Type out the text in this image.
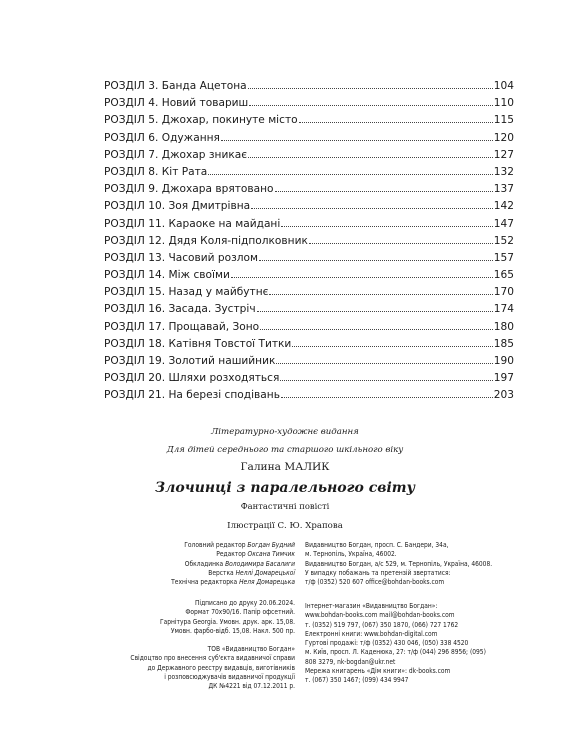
РОЗДІЛ 3. Банда Ацетона	104
РОЗДІЛ 4. Новий товариш	110
РОЗДІЛ 5. Джохар, покинуте місто	115
РОЗДІЛ 6. Одужання	120
РОЗДІЛ 7. Джохар зникає	127
РОЗДІЛ 8. Кіт Рата	132
РОЗДІЛ 9. Джохара врятовано	137
РОЗДІЛ 10. Зоя Дмитрівна	142
РОЗДІЛ 11. Караоке на майдані	147
РОЗДІЛ 12. Дядя Коля-підполковник	152
РОЗДІЛ 13. Часовий розлом	157
РОЗДІЛ 14. Між своїми	165
РОЗДІЛ 15. Назад у майбутнє	170
РОЗДІЛ 16. Засада. Зустріч	174
РОЗДІЛ 17. Прощавай, Зоно	180
РОЗДІЛ 18. Катівня Товстої Титки	185
РОЗДІЛ 19. Золотий нашийник	190
РОЗДІЛ 20. Шляхи розходяться	197
РОЗДІЛ 21. На березі сподівань	203
Літературно-художнє видання
Для дітей середнього та старшого шкільного віку
Галина МАЛИК
Злочинці з паралельного світу
Фантастичні повісті
Ілюстрації С. Ю. Храпова
Головний редактор Богдан Будний
Редактор Оксана Тимчик
Обкладинка Володимира Басалиги
Верстка Неллі Домарецької
Технічна редакторка Неля Домарецька
Підписано до друку 20.06.2024.
Формат 70х90/16. Папір офсетний.
Гарнітура Georgia. Умовн. друк. арк. 15,08.
Умовн. фарбо-відб. 15,08. Накл. 500 пр.
ТОВ «Видавництво Богдан»
Свідоцтво про внесення суб'єкта видавничої справи
до Державного реєстру видавців, виготівників
і розповсюджувачів видавничої продукції
ДК №4221 від 07.12.2011 р.
Видавництво Богдан, просп. С. Бандери, 34а,
м. Тернопіль, Україна, 46002.
Видавництво Богдан, а/с 529, м. Тернопіль, Україна, 46008.
У випадку побажань та претензій звертатися:
т/ф (0352) 520 607 office@bohdan-books.com
Інтернет-магазин «Видавництво Богдан»:
www.bohdan-books.com mail@bohdan-books.com
т. (0352) 519 797, (067) 350 1870, (066) 727 1762
Електронні книги: www.bohdan-digital.com
Гуртові продажі: т/ф (0352) 430 046, (050) 338 4520
м. Київ, просп. Л. Каденюка, 27: т/ф (044) 296 8956; (095)
808 3279, nk-bogdan@ukr.net
Мережа книгарень «Дім книги»: dk-books.com
т. (067) 350 1467; (099) 434 9947
